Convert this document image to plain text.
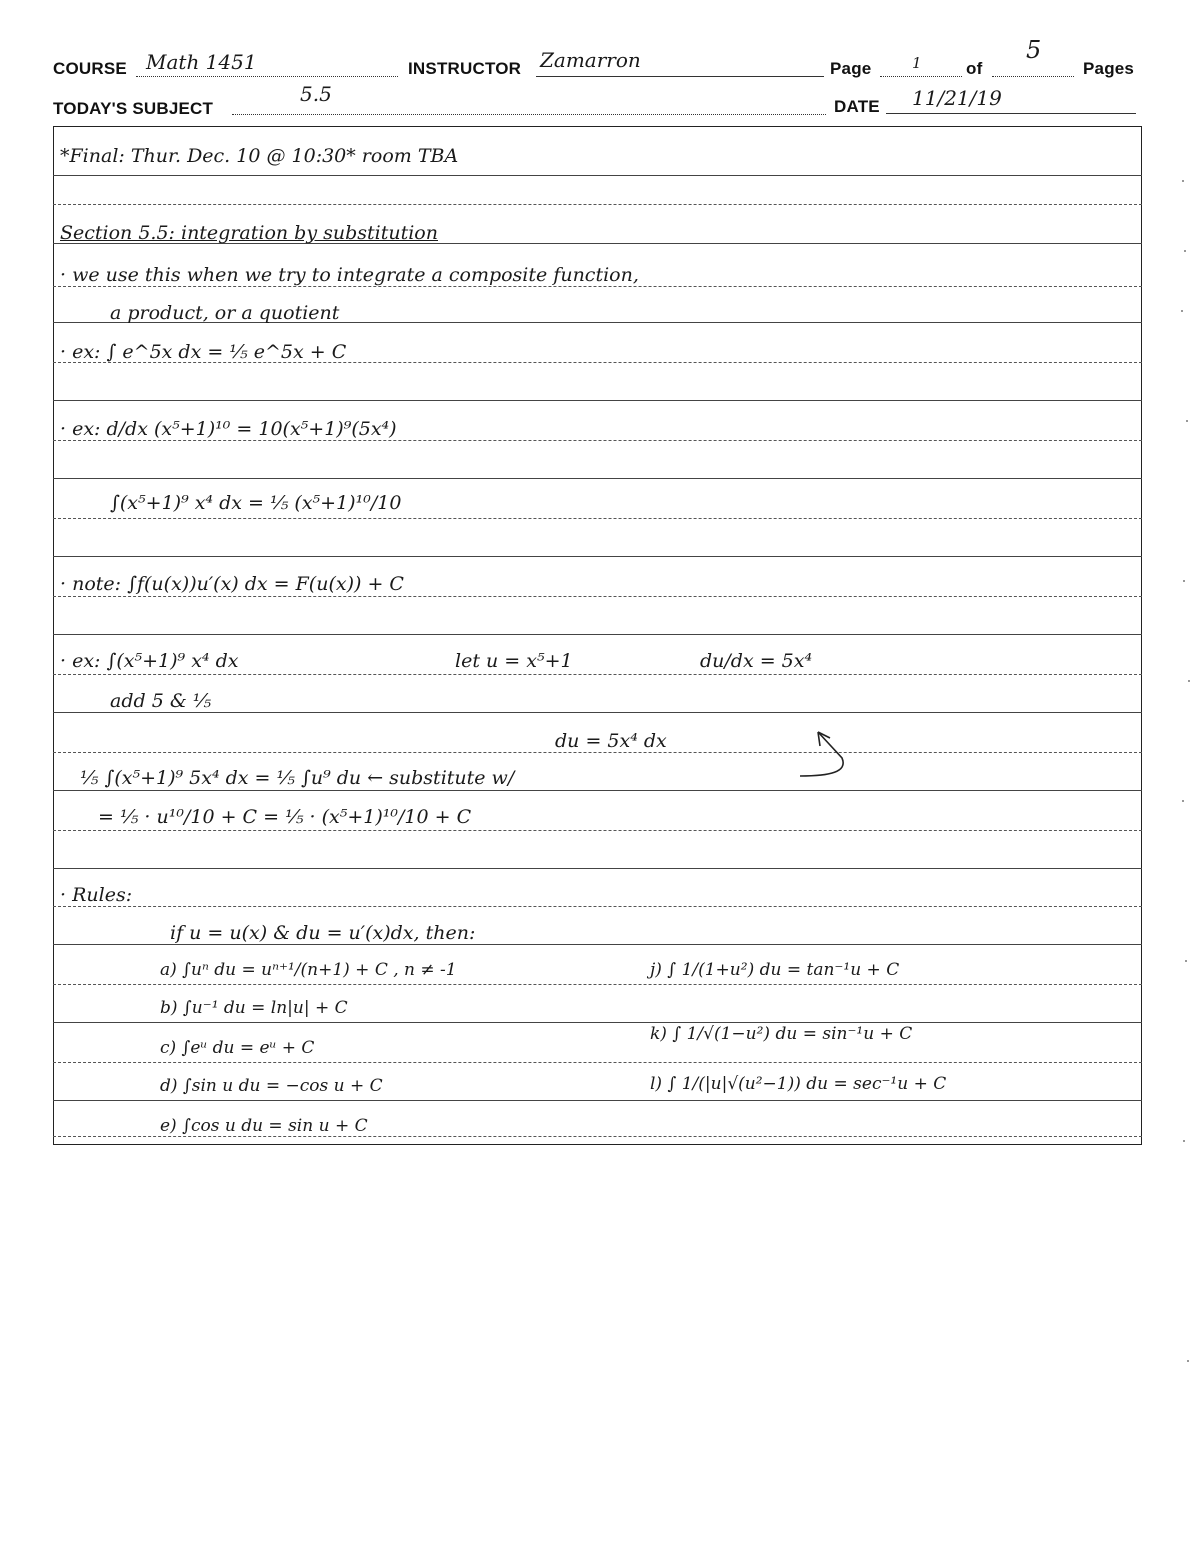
COURSE Math 1451	INSTRUCTOR Zamarron	Page	1	of
5
Pages
TODAY'S SUBJECT
5.5
DATE 11/21/19
*Final: Thur. Dec. 10 @ 10:30* room TBA
Section 5.5: integration by substitution
· we use this when we try to integrate a composite function,
a product, or a quotient
· ex: ∫ e^5x dx = ⅕ e^5x + C
· ex: d/dx (x⁵+1)¹⁰ = 10(x⁵+1)⁹(5x⁴)
∫(x⁵+1)⁹ x⁴ dx = ⅕ (x⁵+1)¹⁰/10
· note: ∫f(u(x))u′(x) dx = F(u(x)) + C
· ex: ∫(x⁵+1)⁹ x⁴ dx	let u = x⁵+1	du/dx = 5x⁴
add 5 & ⅕
du = 5x⁴ dx
⅕ ∫(x⁵+1)⁹ 5x⁴ dx = ⅕ ∫u⁹ du ← substitute w/
= ⅕ · u¹⁰/10 + C = ⅕ · (x⁵+1)¹⁰/10 + C
· Rules:
if u = u(x) & du = u′(x)dx, then:
a) ∫uⁿ du = uⁿ⁺¹/(n+1) + C , n ≠ -1	j) ∫ 1/(1+u²) du = tan⁻¹u + C
b) ∫u⁻¹ du = ln|u| + C
c) ∫eᵘ du = eᵘ + C
k) ∫ 1/√(1−u²) du = sin⁻¹u + C
d) ∫sin u du = −cos u + C	l) ∫ 1/(|u|√(u²−1)) du = sec⁻¹u + C
e) ∫cos u du = sin u + C
